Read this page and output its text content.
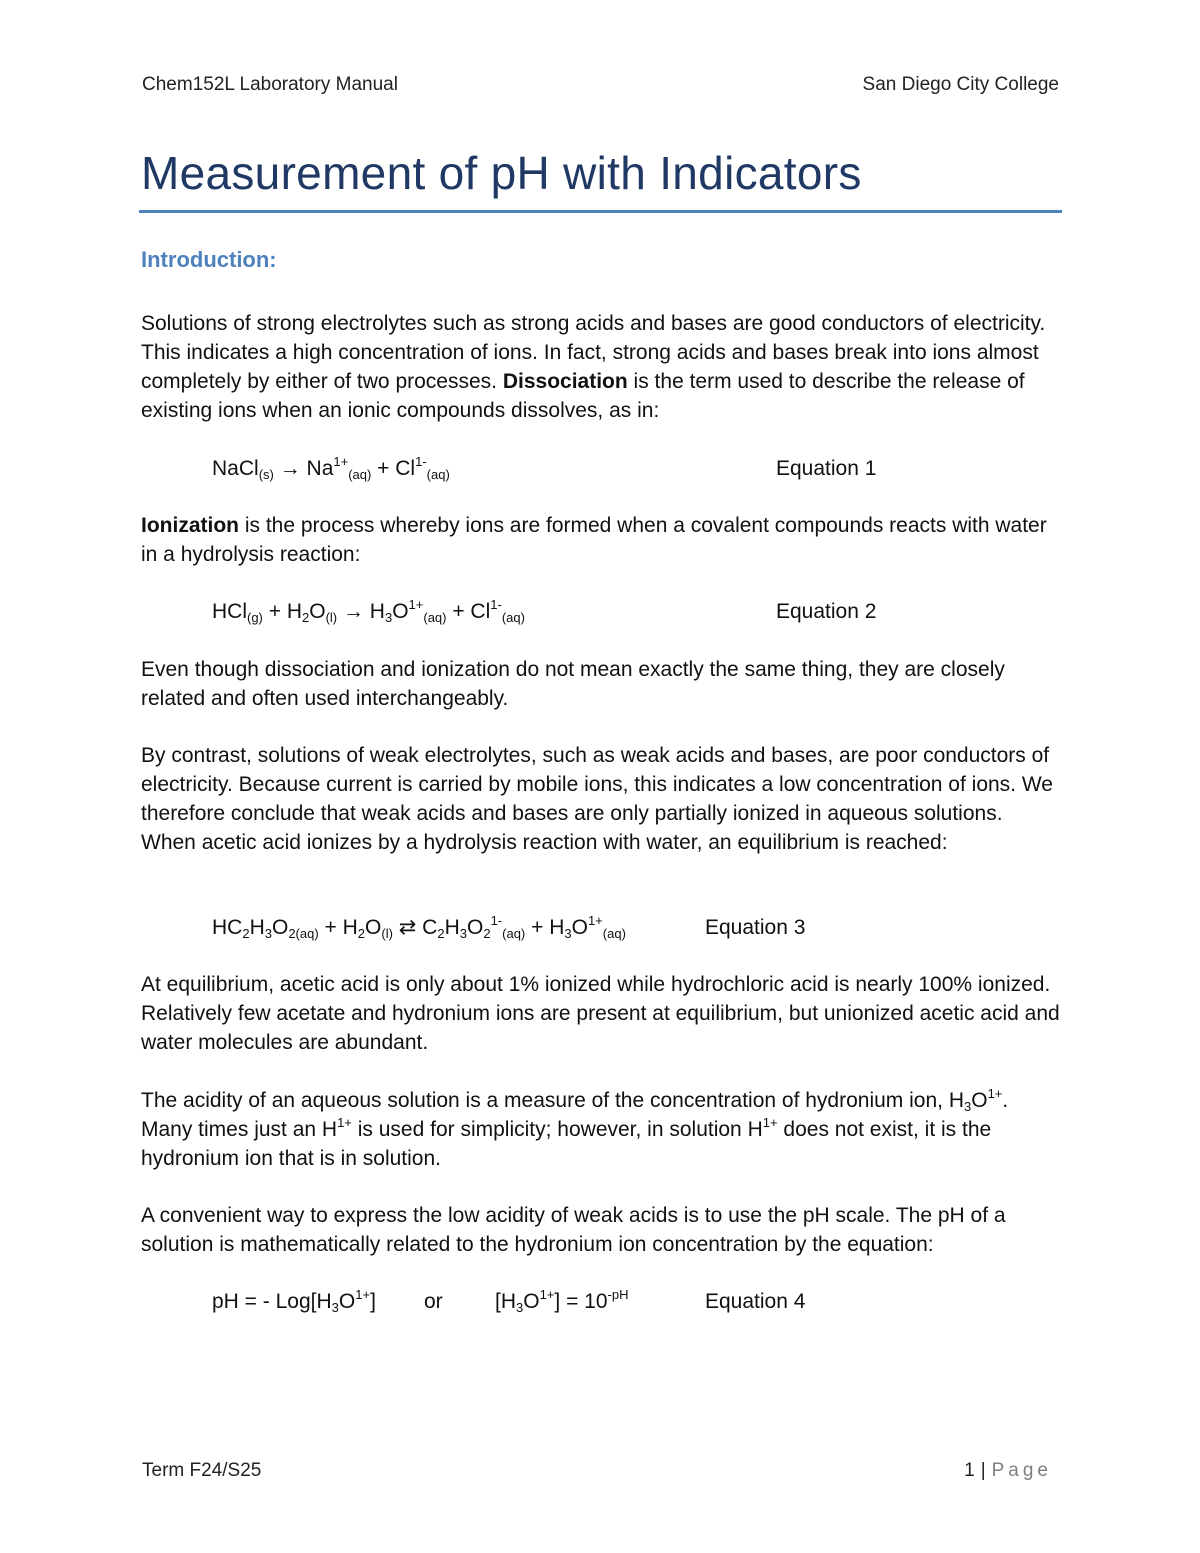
Chem152L Laboratory Manual	San Diego City College
Measurement of pH with Indicators
Introduction:

Solutions of strong electrolytes such as strong acids and bases are good conductors of electricity. This indicates a high concentration of ions. In fact, strong acids and bases break into ions almost completely by either of two processes. Dissociation is the term used to describe the release of existing ions when an ionic compounds dissolves, as in:

NaCl$_{(s)}$ → $Na^{1+}_{(aq)} + Cl^{1-}_{(aq)}$	Equation 1

Ionization is the process whereby ions are formed when a covalent compounds reacts with water in a hydrolysis reaction:

$HCl_{(g)} + H_2O_{(l)} \to H_3O^{1+}_{(aq)} + Cl^{1-}_{(aq)}$	Equation 2

Even though dissociation and ionization do not mean exactly the same thing, they are closely related and often used interchangeably.

By contrast, solutions of weak electrolytes, such as weak acids and bases, are poor conductors of electricity. Because current is carried by mobile ions, this indicates a low concentration of ions. We therefore conclude that weak acids and bases are only partially ionized in aqueous solutions. When acetic acid ionizes by a hydrolysis reaction with water, an equilibrium is reached:

$HC_2H_3O_{2(aq)} + H_2O_{(l)}$ ⇄ $C_2H_3O_2^{1-}_{(aq)} + H_3O^{1+}_{(aq)}$	Equation 3

At equilibrium, acetic acid is only about 1% ionized while hydrochloric acid is nearly 100% ionized. Relatively few acetate and hydronium ions are present at equilibrium, but unionized acetic acid and water molecules are abundant.

The acidity of an aqueous solution is a measure of the concentration of hydronium ion, $H_3O^{1+}$. Many times just an $H^{1+}$ is used for simplicity; however, in solution $H^{1+}$ does not exist, it is the hydronium ion that is in solution.

A convenient way to express the low acidity of weak acids is to use the pH scale. The pH of a solution is mathematically related to the hydronium ion concentration by the equation:

pH = - $Log[H_3O^{1+}]$ or $[H_3O^{1+}] = 10^{-pH}$	Equation 4
Term F24/S25	1 | Page
